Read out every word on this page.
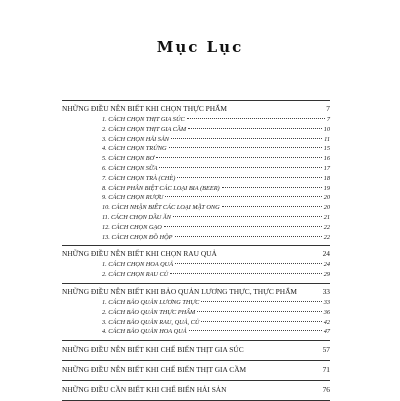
Mục Lục
NHỮNG ĐIỀU NÊN BIẾT KHI CHỌN THỰC PHẨM	7
1. CÁCH CHỌN THỊT GIA SÚC	7
2. CÁCH CHỌN THỊT GIA CẦM	10
3. CÁCH CHỌN HẢI SẢN	11
4. CÁCH CHỌN TRỨNG	15
5. CÁCH CHỌN BƠ	16
6. CÁCH CHỌN SỮA	17
7. CÁCH CHỌN TRÀ (CHÈ)	18
8. CÁCH PHÂN BIỆT CÁC LOẠI BIA (BEER)	19
9. CÁCH CHỌN RƯỢU	20
10. CÁCH NHẬN BIẾT CÁC LOẠI MẶT ONG	20
11. CÁCH CHỌN DẦU ĂN	21
12. CÁCH CHỌN GẠO	22
13. CÁCH CHỌN ĐỒ HỘP	22
NHỮNG ĐIỀU NÊN BIẾT KHI CHỌN RAU QUẢ	24
1. CÁCH CHỌN HOA QUẢ	24
2. CÁCH CHỌN RAU CỦ	29
NHỮNG ĐIỀU NÊN BIẾT KHI BẢO QUẢN LƯƠNG THỰC, THỰC PHẨM	33
1. CÁCH BẢO QUẢN LƯƠNG THỰC	33
2. CÁCH BẢO QUẢN THỰC PHẨM	36
3. CÁCH BẢO QUẢN RAU, QUẢ, CỦ	42
4. CÁCH BẢO QUẢN HOA QUẢ	47
NHỮNG ĐIỀU NÊN BIẾT KHI CHẾ BIẾN THỊT GIA SÚC	57
NHỮNG ĐIỀU NÊN BIẾT KHI CHẾ BIẾN THỊT GIA CẦM	71
NHỮNG ĐIỀU CẦN BIẾT KHI CHẾ BIẾN HẢI SẢN	76
